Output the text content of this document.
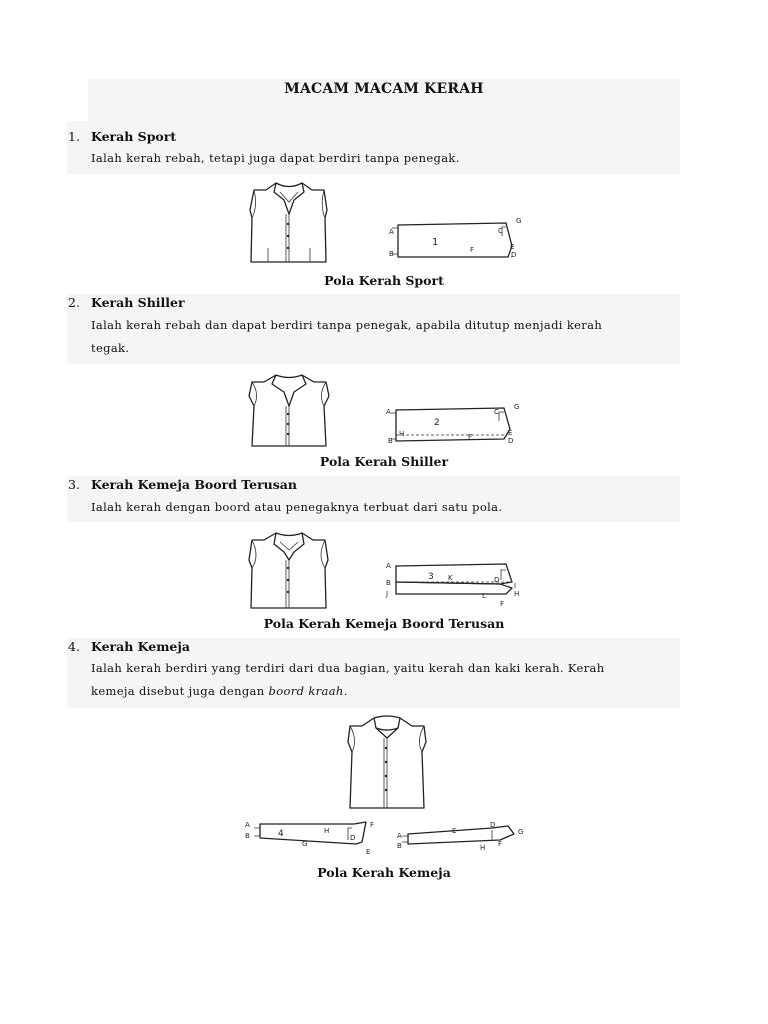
MACAM MACAM KERAH
1. Kerah Sport
Ialah kerah rebah, tetapi juga dapat berdiri tanpa penegak.
A
B
1
F
C
G
E
D
Pola Kerah Sport
2. Kerah Shiller
Ialah kerah rebah dan dapat berdiri tanpa penegak, apabila ditutup menjadi kerah
tegak.
A
B
H
2
F
C
G
E
D
Pola Kerah Shiller
3. Kerah Kemeja Boord Terusan
Ialah kerah dengan boord atau penegaknya terbuat dari satu pola.
A
B
J
3 K	D
L
I
H
F
Pola Kerah Kemeja Boord Terusan
4. Kerah Kemeja
Ialah kerah berdiri yang terdiri dari dua bagian, yaitu kerah dan kaki kerah. Kerah
kemeja disebut juga dengan boord kraah.
A
B	4	H
G
D
F
E
A
B
E
D
G
H F
Pola Kerah Kemeja
